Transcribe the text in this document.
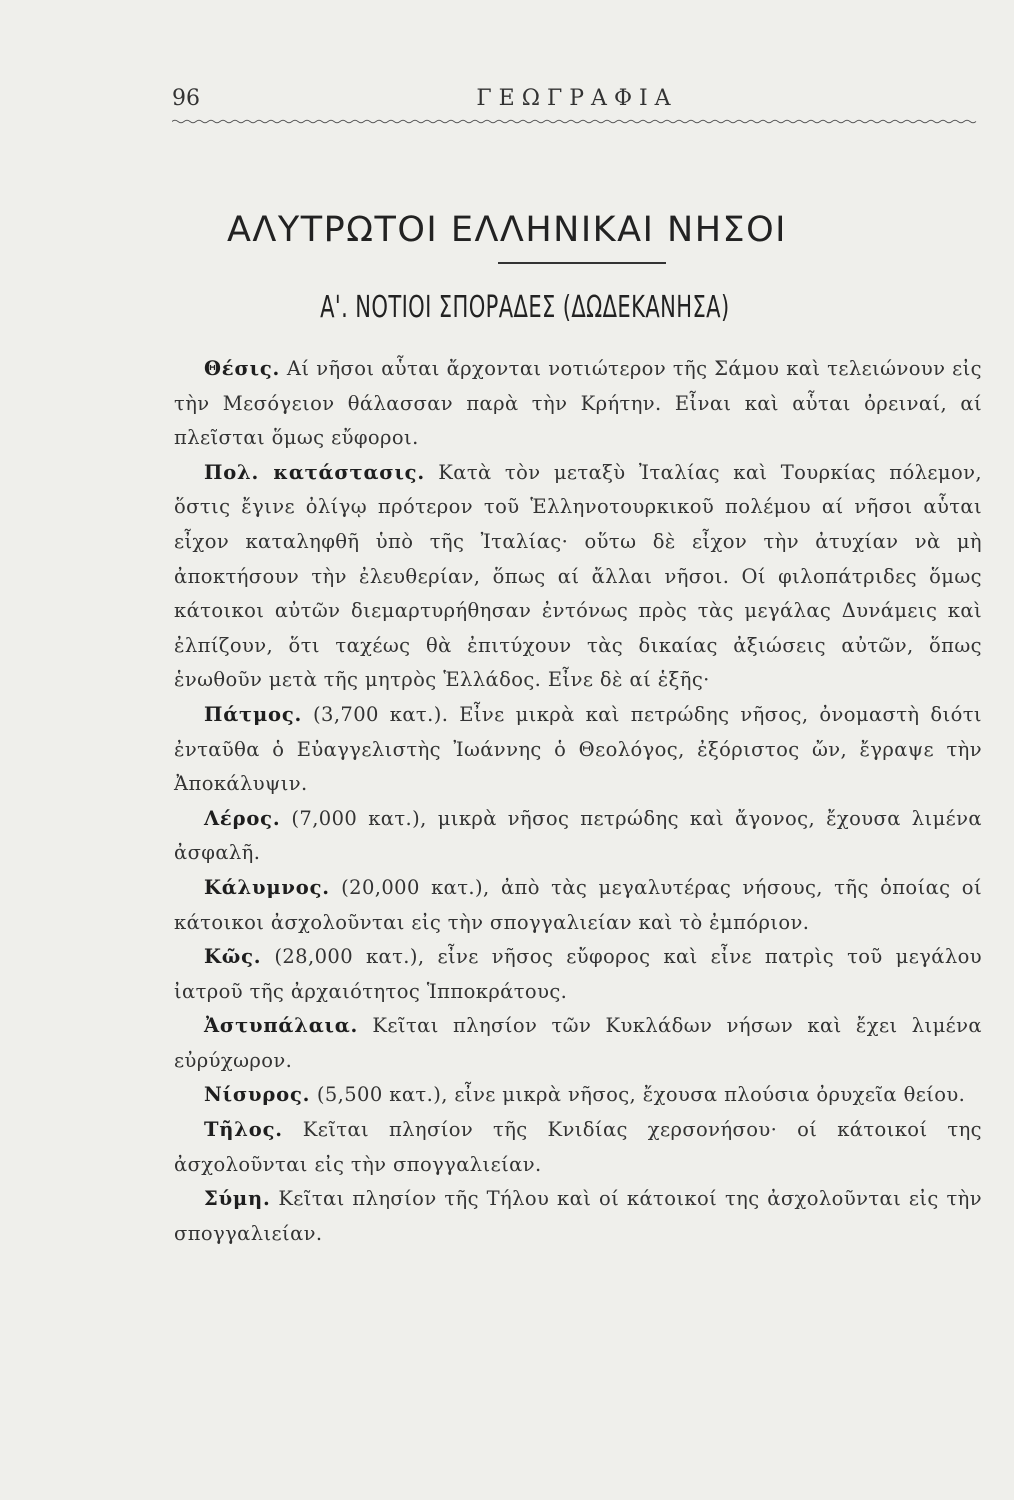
96	ΓΕΩΓΡΑΦΙΑ
ΑΛΥΤΡΩΤΟΙ ΕΛΛΗΝΙΚΑΙ ΝΗΣΟΙ
Α'. ΝΟΤΙΟΙ ΣΠΟΡΑΔΕΣ (ΔΩΔΕΚΑΝΗΣΑ)

Θέσις. Αί νῆσοι αὗται ἄρχονται νοτιώτερον τῆς Σάμου καὶ τελειώνουν εἰς τὴν Μεσόγειον θάλασσαν παρὰ τὴν Κρήτην. Εἶναι καὶ αὗται ὀρειναί, αί πλεῖσται ὅμως εὔφοροι.

Πολ. κατάστασις. Κατὰ τὸν μεταξὺ Ἰταλίας καὶ Τουρκίας πόλεμον, ὅστις ἔγινε ὀλίγῳ πρότερον τοῦ Ἑλληνοτουρκικοῦ πολέμου αί νῆσοι αὗται εἶχον καταληφθῆ ὑπὸ τῆς Ἰταλίας· οὕτω δὲ εἶχον τὴν ἀτυχίαν νὰ μὴ ἀποκτήσουν τὴν ἐλευθερίαν, ὅπως αί ἄλλαι νῆσοι. Οί φιλοπάτριδες ὅμως κάτοικοι αὐτῶν διεμαρτυρήθησαν ἐντόνως πρὸς τὰς μεγάλας Δυνάμεις καὶ ἐλπίζουν, ὅτι ταχέως θὰ ἐπιτύχουν τὰς δικαίας ἀξιώσεις αὐτῶν, ὅπως ἑνωθοῦν μετὰ τῆς μητρὸς Ἑλλάδος. Εἶνε δὲ αί ἑξῆς·

Πάτμος. (3,700 κατ.). Εἶνε μικρὰ καὶ πετρώδης νῆσος, ὀνομαστὴ διότι ἐνταῦθα ὁ Εὐαγγελιστὴς Ἰωάννης ὁ Θεολόγος, ἐξόριστος ὤν, ἔγραψε τὴν Ἀποκάλυψιν.

Λέρος. (7,000 κατ.), μικρὰ νῆσος πετρώδης καὶ ἄγονος, ἔχουσα λιμένα ἀσφαλῆ.

Κάλυμνος. (20,000 κατ.), ἀπὸ τὰς μεγαλυτέρας νήσους, τῆς ὁποίας οί κάτοικοι ἀσχολοῦνται εἰς τὴν σπογγαλιείαν καὶ τὸ ἐμπόριον.

Κῶς. (28,000 κατ.), εἶνε νῆσος εὔφορος καὶ εἶνε πατρὶς τοῦ μεγάλου ἰατροῦ τῆς ἀρχαιότητος Ἱπποκράτους.

Ἀστυπάλαια. Κεῖται πλησίον τῶν Κυκλάδων νήσων καὶ ἔχει λιμένα εὐρύχωρον.

Νίσυρος. (5,500 κατ.), εἶνε μικρὰ νῆσος, ἔχουσα πλούσια ὀρυχεῖα θείου.

Τῆλος. Κεῖται πλησίον τῆς Κνιδίας χερσονήσου· οί κάτοικοί της ἀσχολοῦνται εἰς τὴν σπογγαλιείαν.

Σύμη. Κεῖται πλησίον τῆς Τήλου καὶ οί κάτοικοί της ἀσχολοῦνται εἰς τὴν σπογγαλιείαν.
